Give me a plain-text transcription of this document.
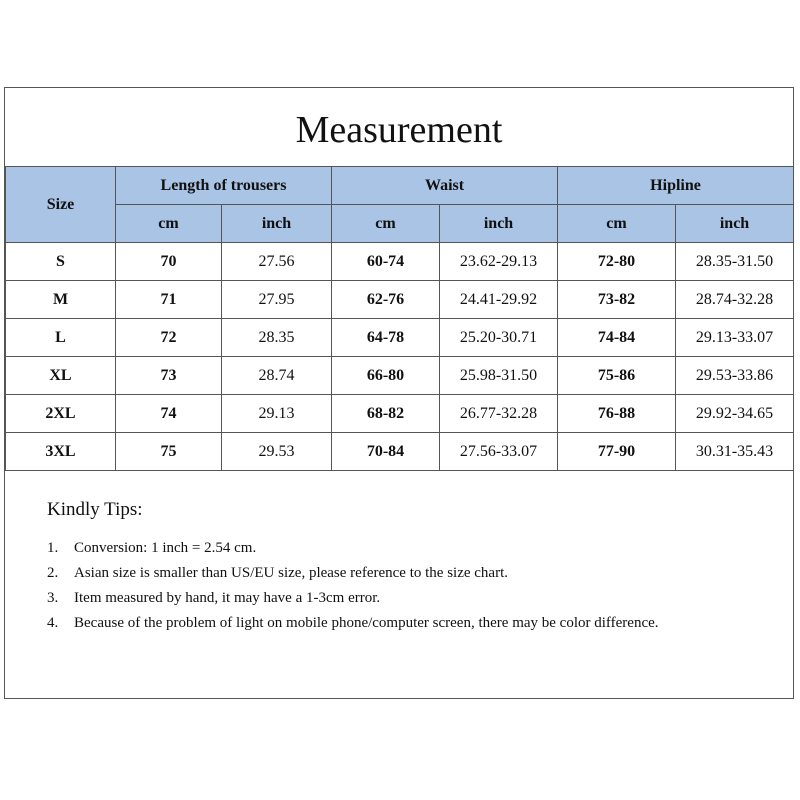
Measurement
Size	Length of trousers		Waist		Hipline	
	cm	inch	cm	inch	cm	inch
S	70	27.56	60-74	23.62-29.13	72-80	28.35-31.50
M	71	27.95	62-76	24.41-29.92	73-82	28.74-32.28
L	72	28.35	64-78	25.20-30.71	74-84	29.13-33.07
XL	73	28.74	66-80	25.98-31.50	75-86	29.53-33.86
2XL	74	29.13	68-82	26.77-32.28	76-88	29.92-34.65
3XL	75	29.53	70-84	27.56-33.07	77-90	30.31-35.43
Kindly Tips:
1.	Conversion: 1 inch = 2.54 cm.
2.	Asian size is smaller than US/EU size, please reference to the size chart.
3.	Item measured by hand, it may have a 1-3cm error.
4.	Because of the problem of light on mobile phone/computer screen, there may be color difference.
